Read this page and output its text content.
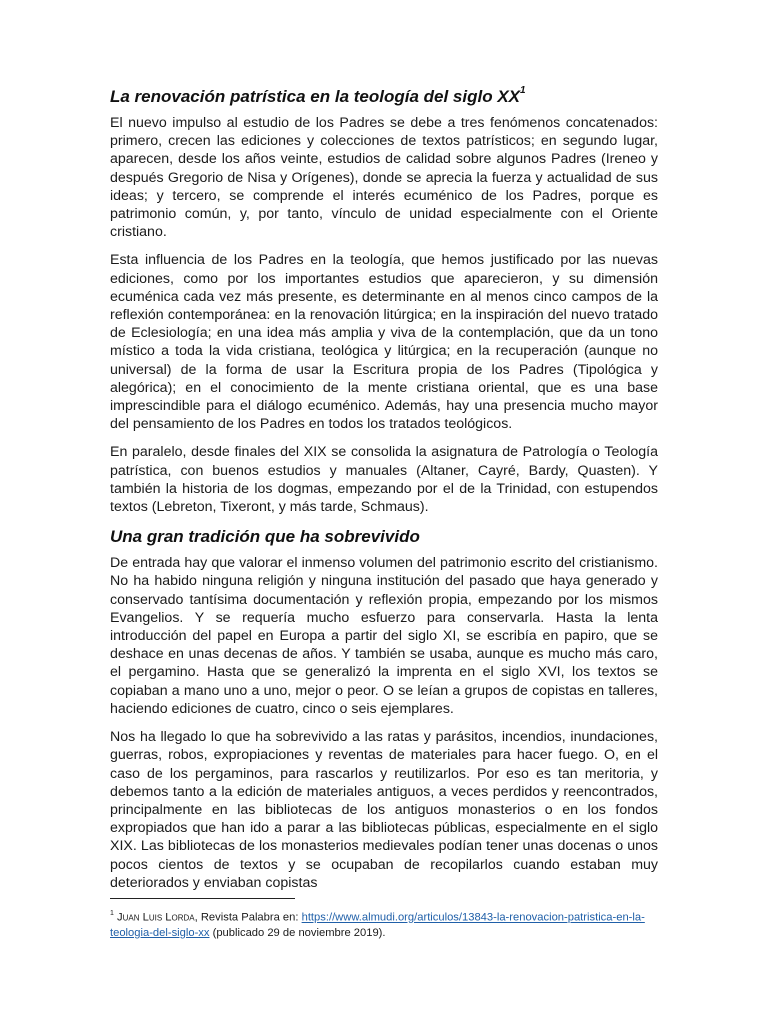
La renovación patrística en la teología del siglo $XX^1$

El nuevo impulso al estudio de los Padres se debe a tres fenómenos concatenados: primero, crecen las ediciones y colecciones de textos patrísticos; en segundo lugar, aparecen, desde los años veinte, estudios de calidad sobre algunos Padres (Ireneo y después Gregorio de Nisa y Orígenes), donde se aprecia la fuerza y actualidad de sus ideas; y tercero, se comprende el interés ecuménico de los Padres, porque es patrimonio común, y, por tanto, vínculo de unidad especialmente con el Oriente cristiano.

Esta influencia de los Padres en la teología, que hemos justificado por las nuevas ediciones, como por los importantes estudios que aparecieron, y su dimensión ecuménica cada vez más presente, es determinante en al menos cinco campos de la reflexión contemporánea: en la renovación litúrgica; en la inspiración del nuevo tratado de Eclesiología; en una idea más amplia y viva de la contemplación, que da un tono místico a toda la vida cristiana, teológica y litúrgica; en la recuperación (aunque no universal) de la forma de usar la Escritura propia de los Padres (Tipológica y alegórica); en el conocimiento de la mente cristiana oriental, que es una base imprescindible para el diálogo ecuménico. Además, hay una presencia mucho mayor del pensamiento de los Padres en todos los tratados teológicos.

En paralelo, desde finales del XIX se consolida la asignatura de Patrología o Teología patrística, con buenos estudios y manuales (Altaner, Cayré, Bardy, Quasten). Y también la historia de los dogmas, empezando por el de la Trinidad, con estupendos textos (Lebreton, Tixeront, y más tarde, Schmaus).

Una gran tradición que ha sobrevivido

De entrada hay que valorar el inmenso volumen del patrimonio escrito del cristianismo. No ha habido ninguna religión y ninguna institución del pasado que haya generado y conservado tantísima documentación y reflexión propia, empezando por los mismos Evangelios. Y se requería mucho esfuerzo para conservarla. Hasta la lenta introducción del papel en Europa a partir del siglo XI, se escribía en papiro, que se deshace en unas decenas de años. Y también se usaba, aunque es mucho más caro, el pergamino. Hasta que se generalizó la imprenta en el siglo XVI, los textos se copiaban a mano uno a uno, mejor o peor. O se leían a grupos de copistas en talleres, haciendo ediciones de cuatro, cinco o seis ejemplares.

Nos ha llegado lo que ha sobrevivido a las ratas y parásitos, incendios, inundaciones, guerras, robos, expropiaciones y reventas de materiales para hacer fuego. O, en el caso de los pergaminos, para rascarlos y reutilizarlos. Por eso es tan meritoria, y debemos tanto a la edición de materiales antiguos, a veces perdidos y reencontrados, principalmente en las bibliotecas de los antiguos monasterios o en los fondos expropiados que han ido a parar a las bibliotecas públicas, especialmente en el siglo XIX. Las bibliotecas de los monasterios medievales podían tener unas docenas o unos pocos cientos de textos y se ocupaban de recopilarlos cuando estaban muy deteriorados y enviaban copistas

$^1$ Juan Luis Lorda, Revista Palabra en: https://www.almudi.org/articulos/13843-la-renovacion-patristica-en-la-teologia-del-siglo-xx (publicado 29 de noviembre 2019).
